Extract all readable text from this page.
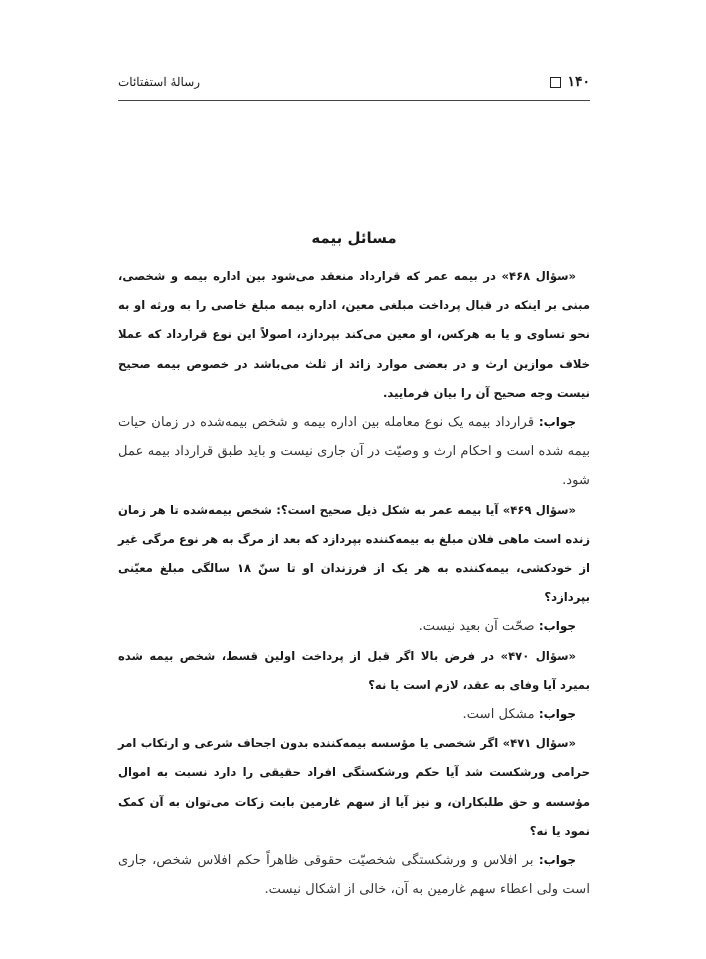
۱۴۰
رسالهٔ استفتائات
مسائل بیمه

«سؤال ۴۶۸» در بیمه عمر که قرارداد منعقد می‌شود بین اداره بیمه و شخصی، مبنی بر اینکه در قبال پرداخت مبلغی معین، اداره بیمه مبلغ خاصی را به ورثه او به نحو تساوی و یا به هرکس، او معین می‌کند بپردازد، اصولاً این نوع قرارداد که عملا خلاف موازین ارث و در بعضی موارد زائد از ثلث می‌باشد در خصوص بیمه صحیح نیست وجه صحیح آن را بیان فرمایید.

جواب: قرارداد بیمه یک نوع معامله بین اداره بیمه و شخص بیمه‌شده در زمان حیات بیمه شده است و احکام ارث و وصیّت در آن جاری نیست و باید طبق قرارداد بیمه عمل شود.

«سؤال ۴۶۹» آیا بیمه عمر به شکل ذیل صحیح است؟: شخص بیمه‌شده تا هر زمان زنده است ماهی فلان مبلغ به بیمه‌کننده بپردازد که بعد از مرگ به هر نوع مرگی غیر از خودکشی، بیمه‌کننده به هر یک از فرزندان او تا سنّ ۱۸ سالگی مبلغ معیّنی بپردازد؟

جواب: صحّت آن بعید نیست.

«سؤال ۴۷۰» در فرض بالا اگر قبل از پرداخت اولین قسط، شخص بیمه شده بمیرد آیا وفای به عقد، لازم است یا نه؟

جواب: مشکل است.

«سؤال ۴۷۱» اگر شخصی یا مؤسسه بیمه‌کننده بدون اجحاف شرعی و ارتکاب امر حرامی ورشکست شد آیا حکم ورشکستگی افراد حقیقی را دارد نسبت به اموال مؤسسه و حق طلبکاران، و نیز آیا از سهم غارمین بابت زکات می‌توان به آن کمک نمود یا نه؟

جواب: بر افلاس و ورشکستگی شخصیّت حقوقی ظاهراً حکم افلاس شخص، جاری است ولی اعطاء سهم غارمین به آن، خالی از اشکال نیست.
